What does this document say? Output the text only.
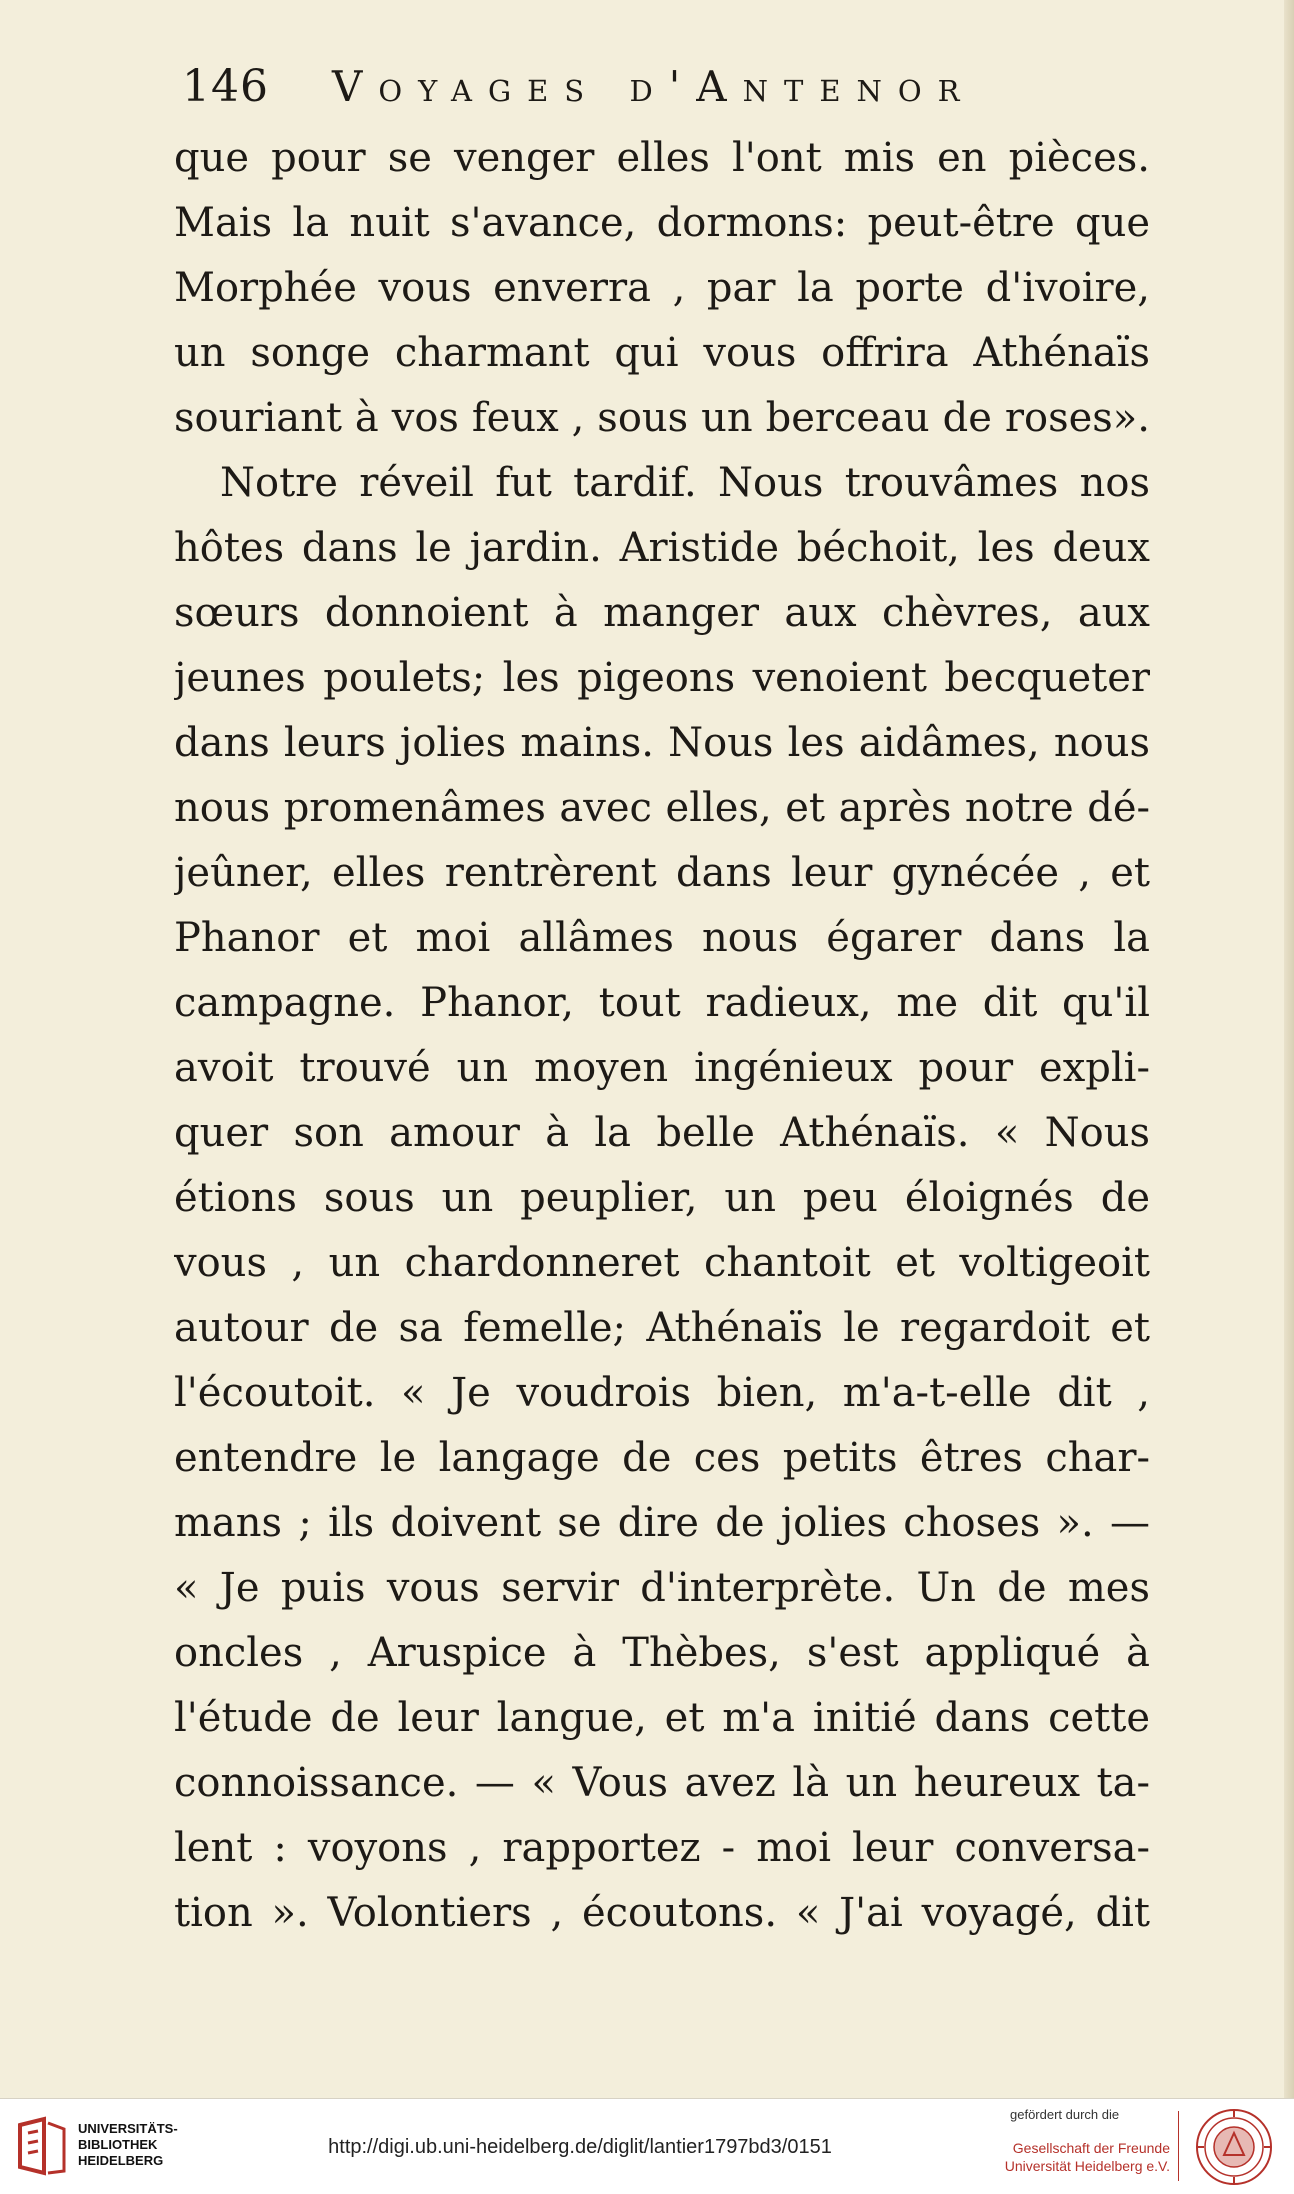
146 Voyages d'Antenor
que pour se venger elles l'ont mis en pièces.
Mais la nuit s'avance, dormons: peut-être que
Morphée vous enverra , par la porte d'ivoire,
un songe charmant qui vous offrira Athénaïs
souriant à vos feux , sous un berceau de roses».
Notre réveil fut tardif. Nous trouvâmes nos
hôtes dans le jardin. Aristide béchoit, les deux
sœurs donnoient à manger aux chèvres, aux
jeunes poulets; les pigeons venoient becqueter
dans leurs jolies mains. Nous les aidâmes, nous
nous promenâmes avec elles, et après notre dé-
jeûner, elles rentrèrent dans leur gynécée , et
Phanor et moi allâmes nous égarer dans la
campagne. Phanor, tout radieux, me dit qu'il
avoit trouvé un moyen ingénieux pour expli-
quer son amour à la belle Athénaïs. « Nous
étions sous un peuplier, un peu éloignés de
vous , un chardonneret chantoit et voltigeoit
autour de sa femelle; Athénaïs le regardoit et
l'écoutoit. « Je voudrois bien, m'a-t-elle dit ,
entendre le langage de ces petits êtres char-
mans ; ils doivent se dire de jolies choses ». —
« Je puis vous servir d'interprète. Un de mes
oncles , Aruspice à Thèbes, s'est appliqué à
l'étude de leur langue, et m'a initié dans cette
connoissance. — « Vous avez là un heureux ta-
lent : voyons , rapportez - moi leur conversa-
tion ». Volontiers , écoutons. « J'ai voyagé, dit
UNIVERSITÄTS-
BIBLIOTHEK
HEIDELBERG
http://digi.ub.uni-heidelberg.de/diglit/lantier1797bd3/0151
gefördert durch die
Gesellschaft der Freunde
Universität Heidelberg e.V.
